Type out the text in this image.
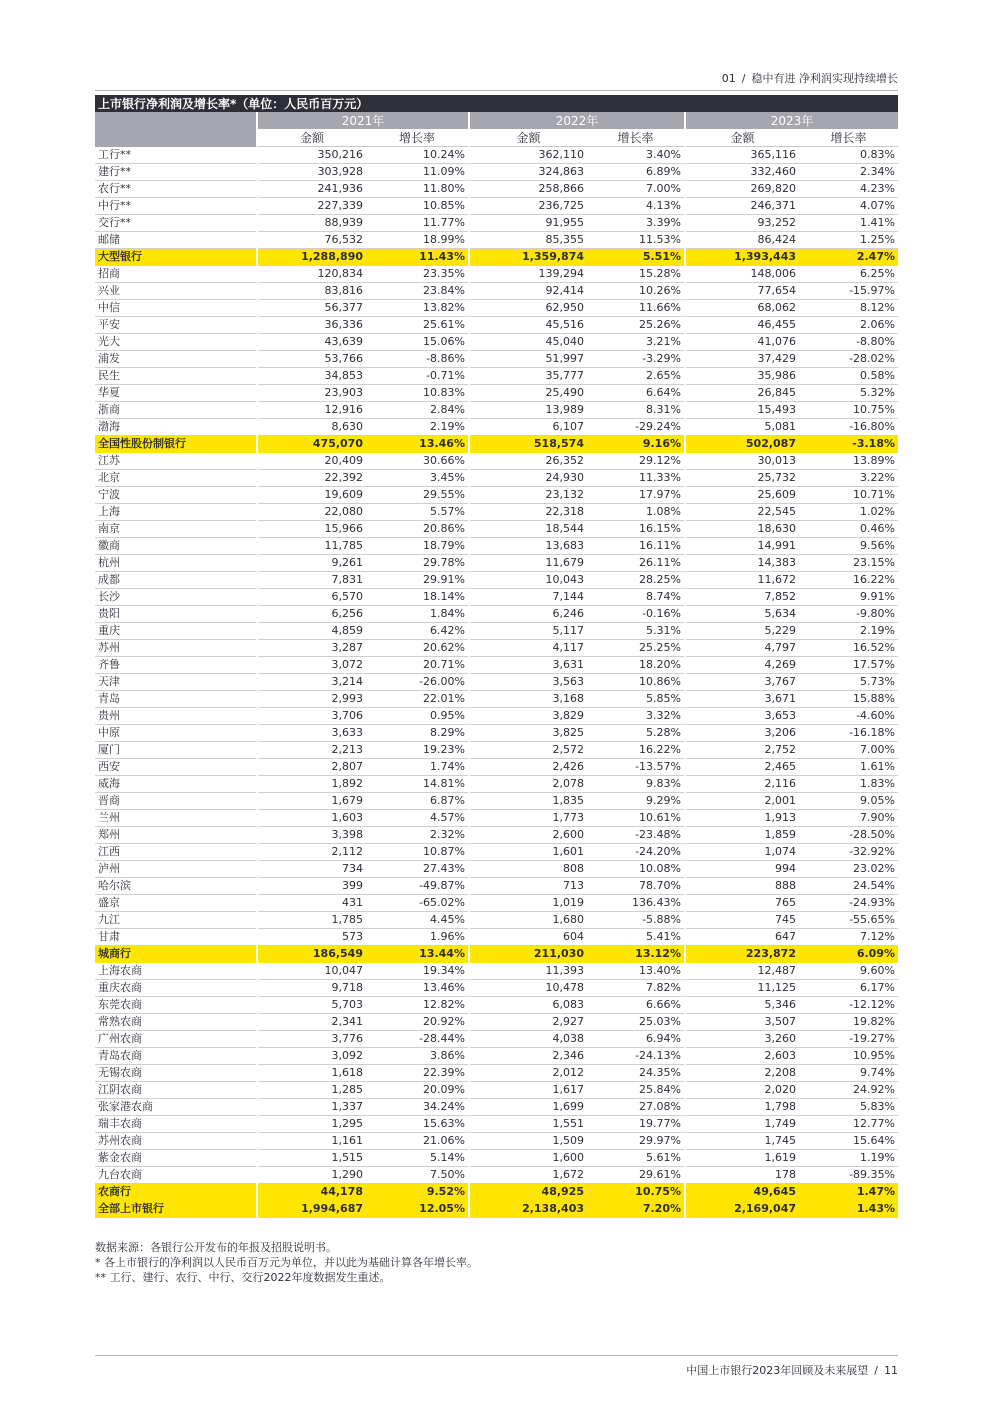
01 / 稳中有进 净利润实现持续增长
上市银行净利润及增长率*（单位：人民币百万元）						
	2021年		2022年		2023年	
	金额	增长率	金额	增长率	金额	增长率
工行**	350,216	10.24%	362,110	3.40%	365,116	0.83%
建行**	303,928	11.09%	324,863	6.89%	332,460	2.34%
农行**	241,936	11.80%	258,866	7.00%	269,820	4.23%
中行**	227,339	10.85%	236,725	4.13%	246,371	4.07%
交行**	88,939	11.77%	91,955	3.39%	93,252	1.41%
邮储	76,532	18.99%	85,355	11.53%	86,424	1.25%
大型银行	1,288,890	11.43%	1,359,874	5.51%	1,393,443	2.47%
招商	120,834	23.35%	139,294	15.28%	148,006	6.25%
兴业	83,816	23.84%	92,414	10.26%	77,654	-15.97%
中信	56,377	13.82%	62,950	11.66%	68,062	8.12%
平安	36,336	25.61%	45,516	25.26%	46,455	2.06%
光大	43,639	15.06%	45,040	3.21%	41,076	-8.80%
浦发	53,766	-8.86%	51,997	-3.29%	37,429	-28.02%
民生	34,853	-0.71%	35,777	2.65%	35,986	0.58%
华夏	23,903	10.83%	25,490	6.64%	26,845	5.32%
浙商	12,916	2.84%	13,989	8.31%	15,493	10.75%
渤海	8,630	2.19%	6,107	-29.24%	5,081	-16.80%
全国性股份制银行	475,070	13.46%	518,574	9.16%	502,087	-3.18%
江苏	20,409	30.66%	26,352	29.12%	30,013	13.89%
北京	22,392	3.45%	24,930	11.33%	25,732	3.22%
宁波	19,609	29.55%	23,132	17.97%	25,609	10.71%
上海	22,080	5.57%	22,318	1.08%	22,545	1.02%
南京	15,966	20.86%	18,544	16.15%	18,630	0.46%
徽商	11,785	18.79%	13,683	16.11%	14,991	9.56%
杭州	9,261	29.78%	11,679	26.11%	14,383	23.15%
成都	7,831	29.91%	10,043	28.25%	11,672	16.22%
长沙	6,570	18.14%	7,144	8.74%	7,852	9.91%
贵阳	6,256	1.84%	6,246	-0.16%	5,634	-9.80%
重庆	4,859	6.42%	5,117	5.31%	5,229	2.19%
苏州	3,287	20.62%	4,117	25.25%	4,797	16.52%
齐鲁	3,072	20.71%	3,631	18.20%	4,269	17.57%
天津	3,214	-26.00%	3,563	10.86%	3,767	5.73%
青岛	2,993	22.01%	3,168	5.85%	3,671	15.88%
贵州	3,706	0.95%	3,829	3.32%	3,653	-4.60%
中原	3,633	8.29%	3,825	5.28%	3,206	-16.18%
厦门	2,213	19.23%	2,572	16.22%	2,752	7.00%
西安	2,807	1.74%	2,426	-13.57%	2,465	1.61%
威海	1,892	14.81%	2,078	9.83%	2,116	1.83%
晋商	1,679	6.87%	1,835	9.29%	2,001	9.05%
兰州	1,603	4.57%	1,773	10.61%	1,913	7.90%
郑州	3,398	2.32%	2,600	-23.48%	1,859	-28.50%
江西	2,112	10.87%	1,601	-24.20%	1,074	-32.92%
泸州	734	27.43%	808	10.08%	994	23.02%
哈尔滨	399	-49.87%	713	78.70%	888	24.54%
盛京	431	-65.02%	1,019	136.43%	765	-24.93%
九江	1,785	4.45%	1,680	-5.88%	745	-55.65%
甘肃	573	1.96%	604	5.41%	647	7.12%
城商行	186,549	13.44%	211,030	13.12%	223,872	6.09%
上海农商	10,047	19.34%	11,393	13.40%	12,487	9.60%
重庆农商	9,718	13.46%	10,478	7.82%	11,125	6.17%
东莞农商	5,703	12.82%	6,083	6.66%	5,346	-12.12%
常熟农商	2,341	20.92%	2,927	25.03%	3,507	19.82%
广州农商	3,776	-28.44%	4,038	6.94%	3,260	-19.27%
青岛农商	3,092	3.86%	2,346	-24.13%	2,603	10.95%
无锡农商	1,618	22.39%	2,012	24.35%	2,208	9.74%
江阴农商	1,285	20.09%	1,617	25.84%	2,020	24.92%
张家港农商	1,337	34.24%	1,699	27.08%	1,798	5.83%
瑞丰农商	1,295	15.63%	1,551	19.77%	1,749	12.77%
苏州农商	1,161	21.06%	1,509	29.97%	1,745	15.64%
紫金农商	1,515	5.14%	1,600	5.61%	1,619	1.19%
九台农商	1,290	7.50%	1,672	29.61%	178	-89.35%
农商行	44,178	9.52%	48,925	10.75%	49,645	1.47%
全部上市银行	1,994,687	12.05%	2,138,403	7.20%	2,169,047	1.43%
数据来源：各银行公开发布的年报及招股说明书。
* 各上市银行的净利润以人民币百万元为单位，并以此为基础计算各年增长率。
** 工行、建行、农行、中行、交行2022年度数据发生重述。
中国上市银行2023年回顾及未来展望 / 11
